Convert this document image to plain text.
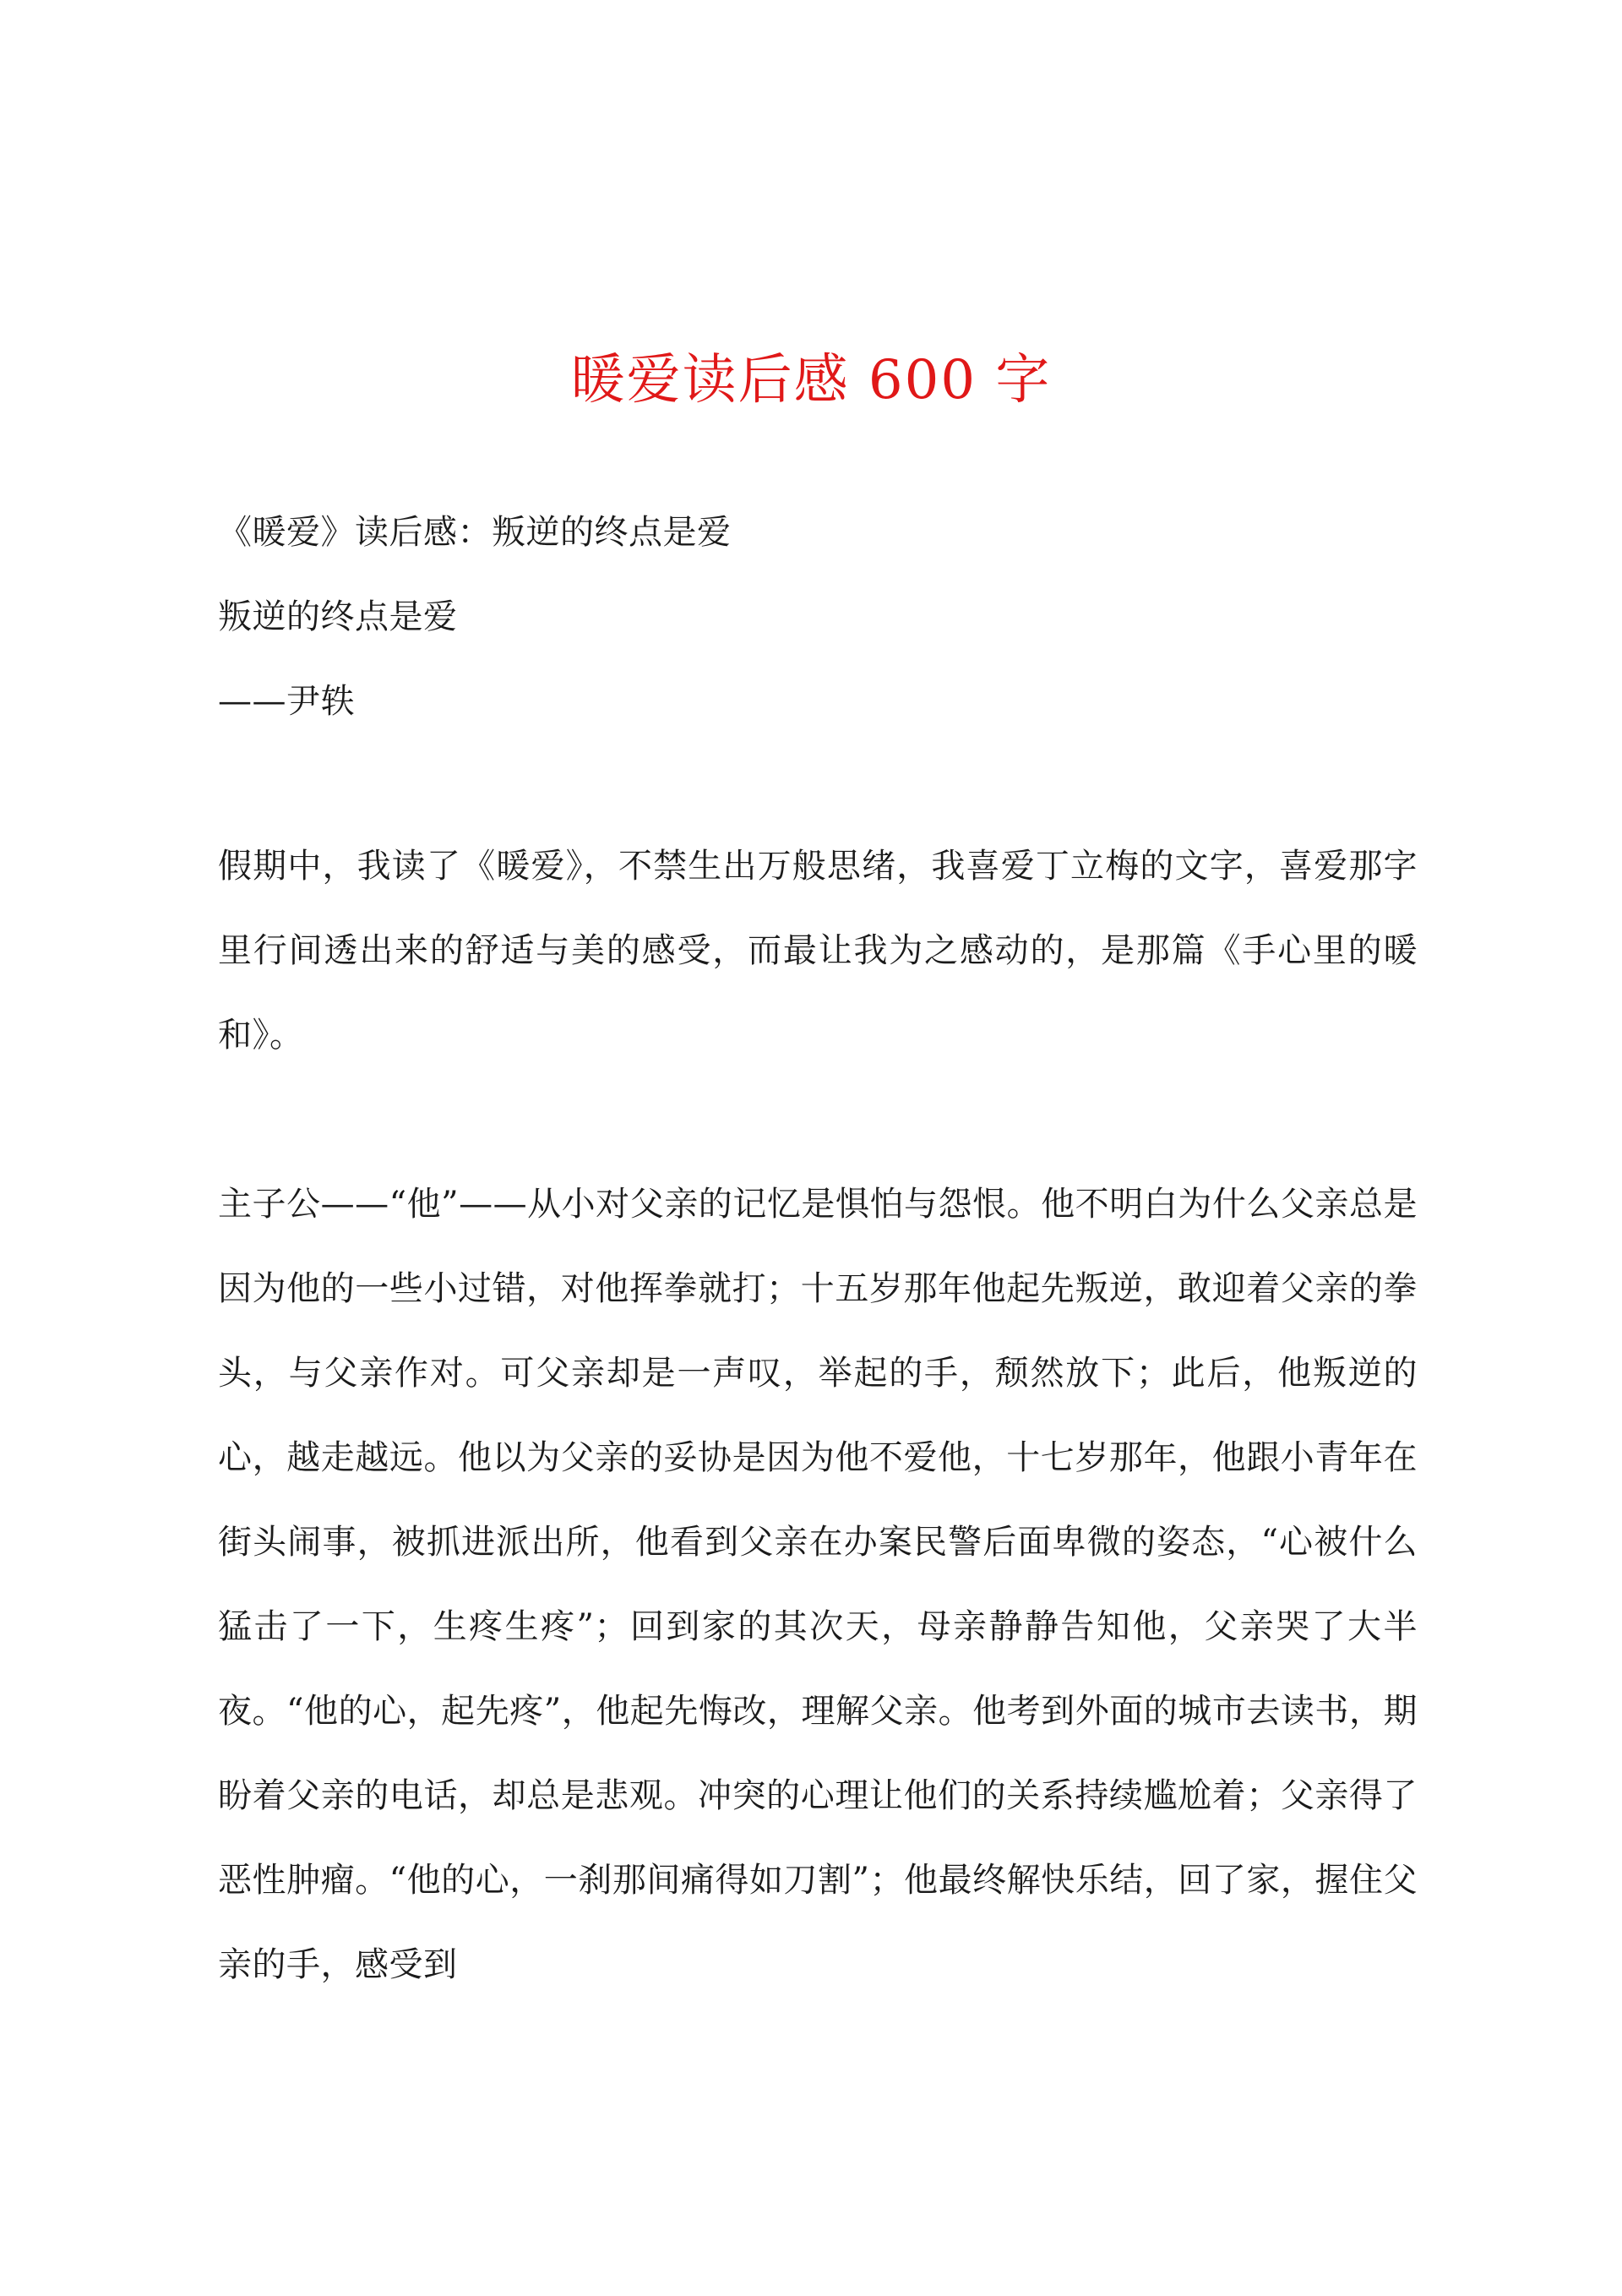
暖爱读后感 600 字
《暖爱》读后感：叛逆的终点是爱
叛逆的终点是爱
——尹轶
假期中，我读了《暖爱》，不禁生出万般思绪，我喜爱丁立梅的文字，喜爱那字里行间透出来的舒适与美的感受，而最让我为之感动的，是那篇《手心里的暖和》。
主子公——“他”——从小对父亲的记忆是惧怕与怨恨。他不明白为什么父亲总是因为他的一些小过错，对他挥拳就打；十五岁那年他起先叛逆，敢迎着父亲的拳头，与父亲作对。可父亲却是一声叹，举起的手，颓然放下；此后，他叛逆的心，越走越远。他以为父亲的妥协是因为他不爱他，十七岁那年，他跟小青年在街头闹事，被抓进派出所，他看到父亲在办案民警后面卑微的姿态，“心被什么猛击了一下，生疼生疼”；回到家的其次天，母亲静静告知他，父亲哭了大半夜。“他的心，起先疼”，他起先悔改，理解父亲。他考到外面的城市去读书，期盼着父亲的电话，却总是悲观。冲突的心理让他们的关系持续尴尬着；父亲得了恶性肿瘤。“他的心，一刹那间痛得如刀割”；他最终解快乐结，回了家，握住父亲的手，感受到
